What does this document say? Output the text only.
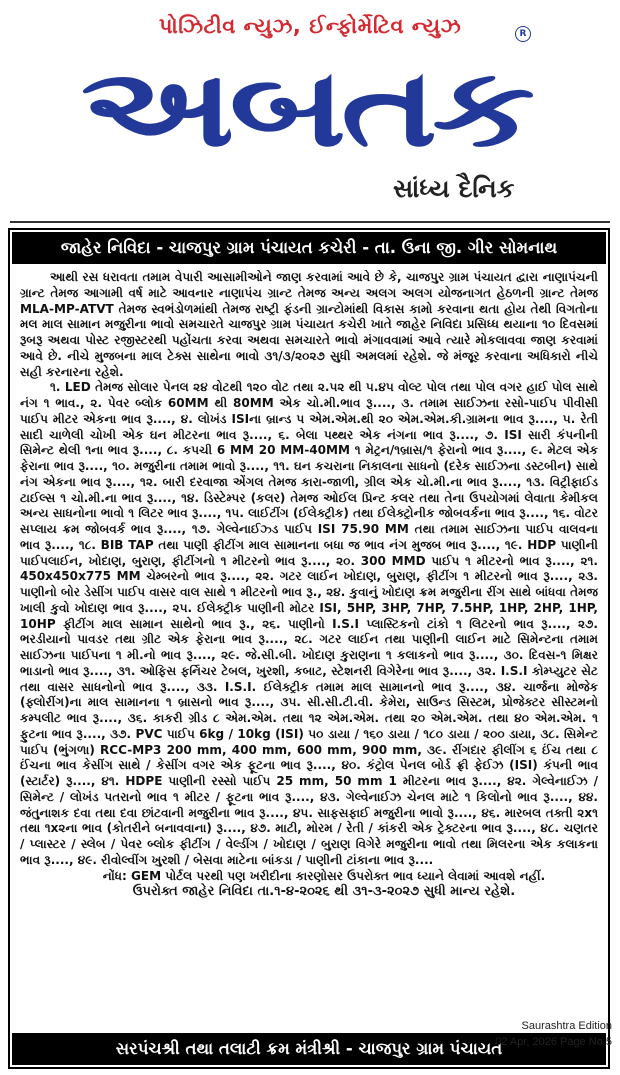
પોઝિટીવ ન્યુઝ, ઈન્ફોર્મેટિવ ન્યુઝ
અબતક
R
સાંધ્ય દૈનિક
જાહેર નિવિદા - ચાજપુર ગ્રામ પંચાયત કચેરી - તા. ઉના જી. ગીર સોમનાથ

આથી રસ ધરાવતા તમામ વેપારી આસામીઓને જાણ કરવામાં આવે છે કે, ચાજપુર ગ્રામ પંચાયત દ્વારા નાણાપંચની ગ્રાન્ટ તેમજ આગામી વર્ષ માટે આવનાર નાણાપંચ ગ્રાન્ટ તેમજ અન્ય અલગ અલગ યોજનાગત હેઠળની ગ્રાન્ટ તેમજ MLA-MP-ATVT તેમજ સ્વભંડોળમાંથી તેમજ રાષ્ટ્રી ફંડની ગ્રાન્ટોમાંથી વિકાસ કામો કરવાના થતા હોય તેથી વિગતોના મલ માલ સામાન મજુરીના ભાવો સમચારતે ચાજપુર ગ્રામ પંચાયત કચેરી ખાતે જાહેર નિવિદા પ્રસિધ્ધ થયાના ૧૦ દિવસમાં રૂબરૂ અથવા પોસ્ટ રજીસ્ટરથી પહોંચતા કરવા અથવા સમચારતે ભાવો મંગાવવામાં આવે ત્યારે મોકલાવવા જાણ કરવામાં આવે છે. નીચે મુજબના માલ ટેક્સ સાથેના ભાવો ૩૧/૩/૨૦૨૭ સુધી અમલમાં રહેશે. જે મંજૂર કરવાના અધિકારો નીચે સહી કરનારના રહેશે.

૧. LED તેમજ સોલાર પેનલ ૨૪ વોટથી ૧૨૦ વોટ તથા ૨.૫૨ થી ૫.૪૫ વોલ્ટ પોલ તથા પોલ વગર હાઈ પોલ સાથે નંગ ૧ ભાવ., ૨. પેવર બ્લોક 60MM થી 80MM એક ચો.મી.ભાવ રૂ...., ૩. તમામ સાઈઝના રસો-પાઈપ પીવીસી પાઈપ મીટર એકના ભાવ રૂ...., ૪. લોખંડ ISIના બ્રાન્ડ ૫ એમ.એમ.થી ૨૦ એમ.એમ.કી.ગ્રામના ભાવ રૂ...., ૫. રેતી સાદી ચાળેલી ચોખી એક ઘન મીટરના ભાવ રૂ...., ૬. બેલા પથ્થર એક નંગના ભાવ રૂ...., ૭. ISI સારી કંપનીની સિમેન્ટ થેલી ૧ના ભાવ રૂ...., ૮. કપચી 6 MM 20 MM-40MM ૧ મેટ્રન/૧બ્રાસ/૧ ફેરાનો ભાવ રૂ...., ૯. મેટલ એક ફેરાના ભાવ રૂ...., ૧૦. મજુરીના તમામ ભાવો રૂ...., ૧૧. ઘન કચરાના નિકાલના સાધનો (દરેક સાઈઝના ડસ્ટબીન) સાથે નંગ એકના ભાવ રૂ...., ૧૨. બારી દરવાજા એંગલ તેમજ કારા-જાળી, ગ્રીલ એક ચો.મી.ના ભાવ રૂ...., ૧૩. વિટ્રીફાઈડ ટાઈલ્સ ૧ ચો.મી.ના ભાવ રૂ...., ૧૪. ડિસ્ટેમ્પર (કલર) તેમજ ઓઈલ પ્રિન્ટ કલર તથા તેના ઉપયોગમાં લેવાતા કેમીકલ અન્ય સાધનોના ભાવો ૧ લિટર ભાવ રૂ...., ૧૫. લાઈટીંગ (ઈલેક્ટ્રીક) તથા ઈલેક્ટ્રોનીક જોબવર્કના ભાવ રૂ...., ૧૬. વોટર સપ્લાય ક્રમ જોબવર્ક ભાવ રૂ...., ૧૭. ગેલ્વેનાઈઝ્ડ પાઈપ ISI 75.90 MM તથા તમામ સાઈઝના પાઈપ વાલવના ભાવ રૂ...., ૧૮. BIB TAP તથા પાણી ફીટીંગ માલ સામાનના બધા જ ભાવ નંગ મુજબ ભાવ રૂ...., ૧૯. HDP પાણીની પાઈપલાઈન, ખોદાણ, બુરાણ, ફીટીંગનો ૧ મીટરનો ભાવ રૂ...., ૨૦. 300 MMD પાઈપ ૧ મીટરનો ભાવ રૂ...., ૨૧. 450x450x775 MM ચેમ્બરનો ભાવ રૂ...., ૨૨. ગટર લાઈન ખોદાણ, બુરાણ, ફીટીંગ ૧ મીટરનો ભાવ રૂ...., ૨૩. પાણીનો બોર ડેસીંગ પાઈપ વાસર વાલ સાથે ૧ મીટરનો ભાવ રૂ., ૨૪. કુવાનું ખોદાણ ક્રમ મજુરીના રીંગ સાથે બાંધવા તેમજ ખાલી કુવો ખોદાણ ભાવ રૂ...., ૨૫. ઈલેક્ટ્રીક પાણીની મોટર ISI, 5HP, 3HP, 7HP, 7.5HP, 1HP, 2HP, 1HP, 10HP ફીટીંગ માલ સામાન સાથેનો ભાવ રૂ., ૨૬. પાણીનો I.S.I પ્લાસ્ટિકનો ટાંકો ૧ લિટરનો ભાવ રૂ...., ૨૭. ભરડીયાનો પાવડર તથા ગ્રીટ એક ફેરાના ભાવ રૂ...., ૨૮. ગટર લાઈન તથા પાણીની લાઈન માટે સિમેન્ટના તમામ સાઈઝના પાઈપના ૧ મી.નો ભાવ રૂ...., ૨૯. જે.સી.બી. ખોદાણ કુરાણના ૧ કલાકનો ભાવ રૂ...., ૩૦. દિવસ-૧ મિક્ષર ભાડાનો ભાવ રૂ...., ૩૧. ઓફિસ ફર્નિચર ટેબલ, ખુરશી, કબાટ, સ્ટેશનરી વિગેરેના ભાવ રૂ...., ૩૨. I.S.I કોમ્પ્યુટર સેટ તથા વાસર સાધનોનો ભાવ રૂ...., ૩૩. I.S.I. ઈલેક્ટ્રીક તમામ માલ સામાનનો ભાવ રૂ...., ૩૪. ચાર્જના મોજેક (ફ્લોરીંગ)ના માલ સામાનના ૧ બ્રાસનો ભાવ રૂ...., ૩૫. સી.સી.ટી.વી. કેમેરા, સાઉન્ડ સિસ્ટમ, પ્રોજેક્ટર સીસ્ટમનો કમ્પલીટ ભાવ રૂ...., ૩૬. કાકરી ગ્રીડ ૮ એમ.એમ. તથા ૧૨ એમ.એમ. તથા ૨૦ એમ.એમ. તથા ૪૦ એમ.એમ. ૧ ફુટના ભાવ રૂ...., ૩૭. PVC પાઈપ 6kg / 10kg (ISI) ૫૦ ડાયા / ૧૬૦ ડાયા / ૧૮૦ ડાયા / ૨૦૦ ડાયા, ૩૮. સિમેન્ટ પાઈપ (ભુંગળા) RCC-MP3 200 mm, 400 mm, 600 mm, 900 mm, ૩૯. રીંગદાર ફીલીંગ ૬ ઈંચ તથા ૮ ઈંચના ભાવ કેસીંગ સાથે / કેસીંગ વગર એક ફૂટના ભાવ રૂ...., ૪૦. કંટ્રોલ પેનલ બોર્ડ ફ્રી ફેઈઝ (ISI) કંપની ભાવ (સ્ટાર્ટર) રૂ...., ૪૧. HDPE પાણીની રસ્સો પાઈપ 25 mm, 50 mm 1 મીટરના ભાવ રૂ...., ૪૨. ગેલ્વેનાઈઝ / સિમેન્ટ / લોખંડ પતરાનો ભાવ ૧ મીટર / ફૂટના ભાવ રૂ...., ૪૩. ગેલ્વેનાઈઝ ચેનલ માટે ૧ કિલોનો ભાવ રૂ...., ૪૪. જંતુનાશક દવા તથા દવા છાંટવાની મજુરીના ભાવ રૂ...., ૪૫. સાફસફાઈ મજુરીના ભાવો રૂ...., ૪૬. મારબલ તક્તી ૨x૧ તથા ૧x૨ના ભાવ (કોતરીને બનાવવાના) રૂ...., ૪૭. માટી, મોરમ / રેતી / કાંકરી એક ટ્રેક્ટરના ભાવ રૂ...., ૪૮. ચણતર / પ્લાસ્ટર / સ્લેબ / પેવર બ્લોક ફીટીંગ / વેલ્ડીંગ / ખોદાણ / બુરાણ વિગેરે મજુરીના ભાવો તથા મિલરના એક કલાકના ભાવ રૂ...., ૪૯. રીવોલ્વીંગ ખુરશી / બેસવા માટેના બાંકડા / પાણીની ટાંકાના ભાવ રૂ....

નોંધ: GEM પોર્ટલ પરથી પણ ખરીદીના કારણોસર ઉપરોક્ત ભાવ ધ્યાને લેવામાં આવશે નહીં.

ઉપરોક્ત જાહેર નિવિદા તા.૧-૪-૨૦૨૬ થી ૩૧-૩-૨૦૨૭ સુધી માન્ય રહેશે.

સરપંચશ્રી તથા તલાટી ક્રમ મંત્રીશ્રી - ચાજપુર ગ્રામ પંચાયત
Saurashtra Edition
02 Apr, 2026 Page No.5
